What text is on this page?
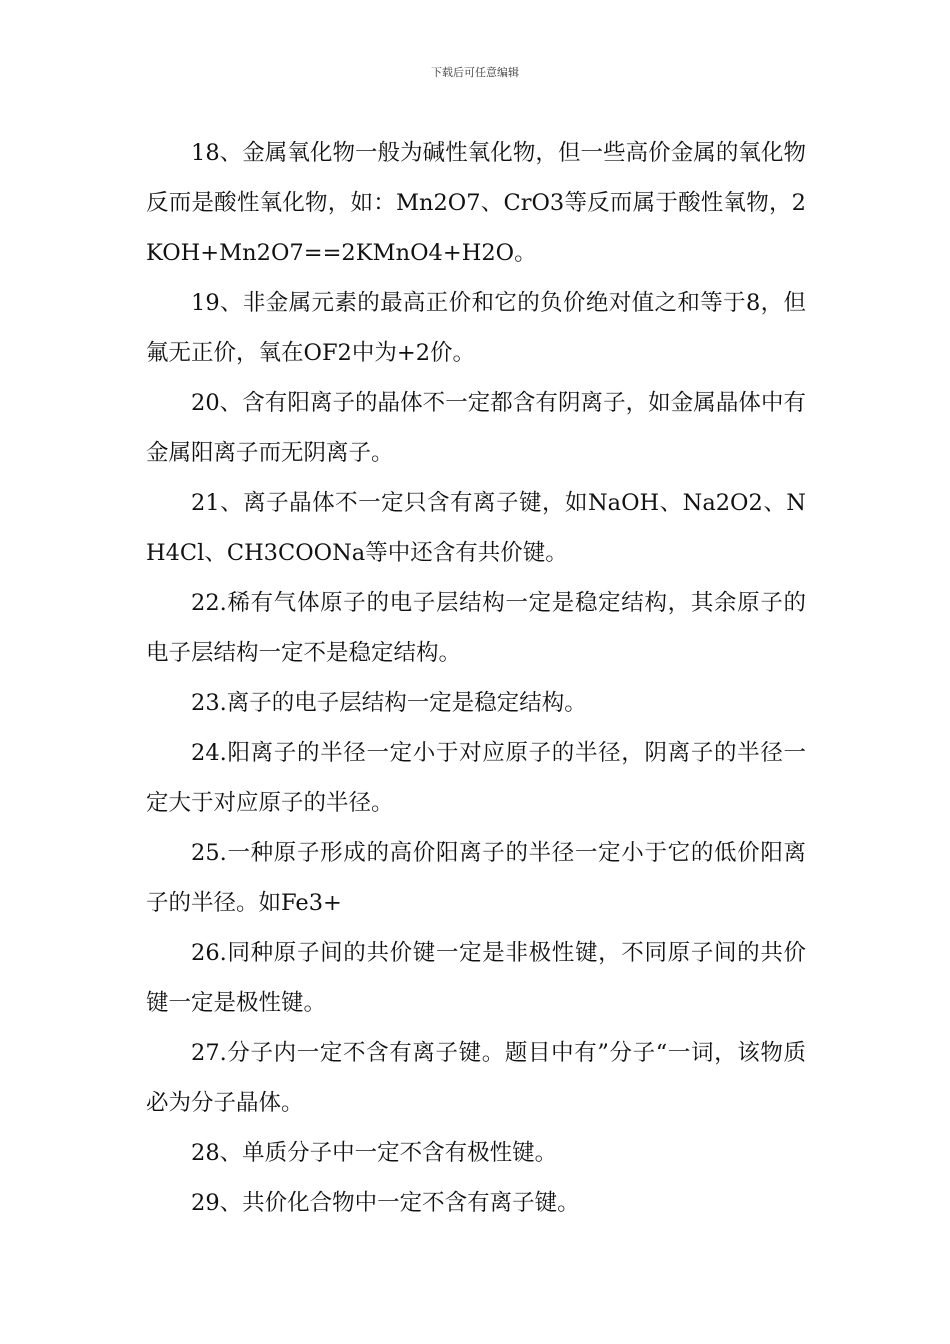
下载后可任意编辑

18、金属氧化物一般为碱性氧化物，但一些高价金属的氧化物反而是酸性氧化物，如：Mn2O7、CrO3等反而属于酸性氧物，2KOH+Mn2O7==2KMnO4+H2O。

19、非金属元素的最高正价和它的负价绝对值之和等于8，但氟无正价，氧在OF2中为+2价。

20、含有阳离子的晶体不一定都含有阴离子，如金属晶体中有金属阳离子而无阴离子。

21、离子晶体不一定只含有离子键，如NaOH、Na2O2、NH4Cl、CH3COONa等中还含有共价键。

22.稀有气体原子的电子层结构一定是稳定结构，其余原子的电子层结构一定不是稳定结构。

23.离子的电子层结构一定是稳定结构。

24.阳离子的半径一定小于对应原子的半径，阴离子的半径一定大于对应原子的半径。

25.一种原子形成的高价阳离子的半径一定小于它的低价阳离子的半径。如Fe3+

26.同种原子间的共价键一定是非极性键，不同原子间的共价键一定是极性键。

27.分子内一定不含有离子键。题目中有”分子“一词，该物质必为分子晶体。

28、单质分子中一定不含有极性键。

29、共价化合物中一定不含有离子键。
